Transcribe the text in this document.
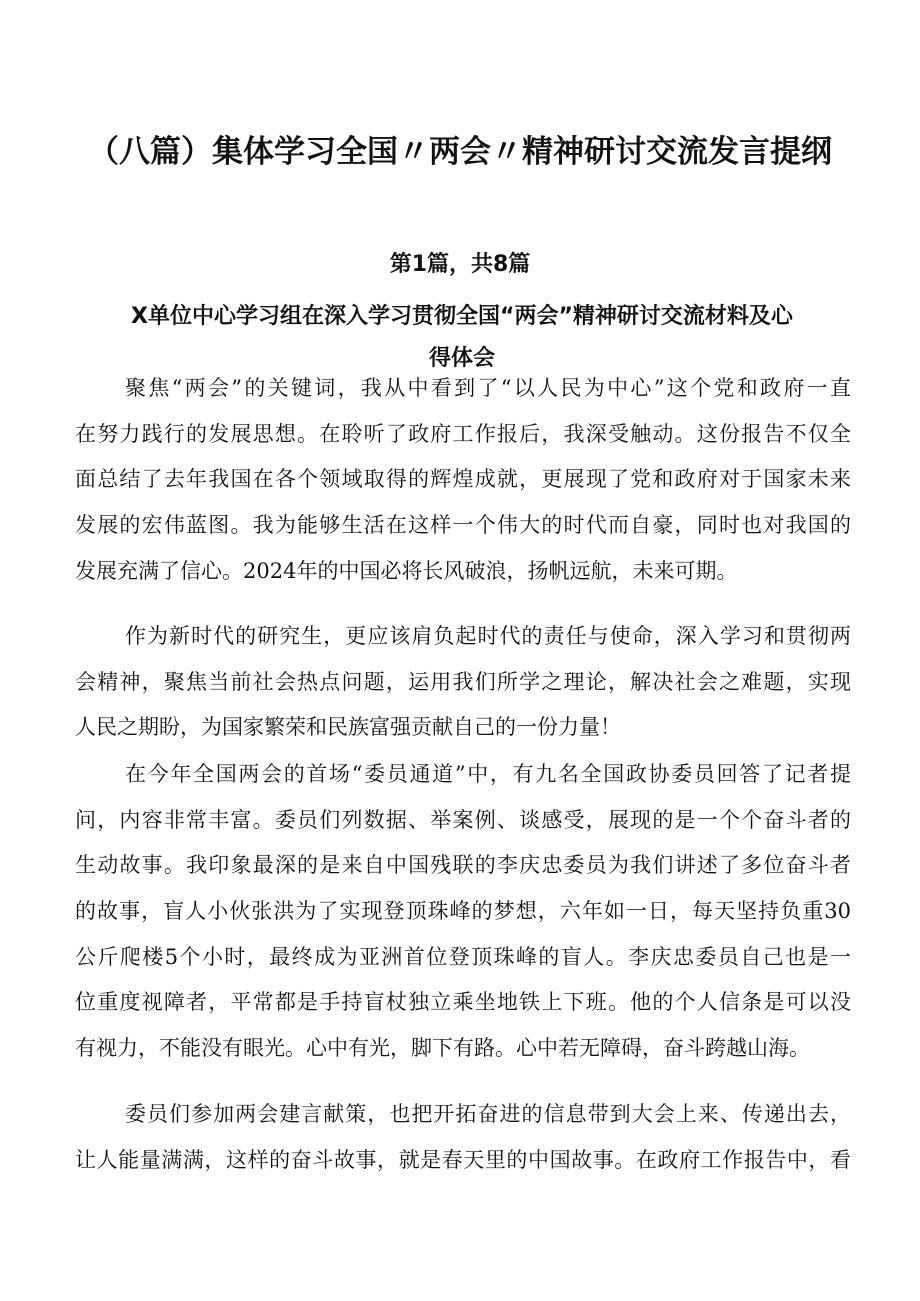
（八篇）集体学习全国〃两会〃精神研讨交流发言提纲
第1篇，共8篇
X单位中心学习组在深入学习贯彻全国“两会”精神研讨交流材料及心
得体会
聚焦“两会”的关键词，我从中看到了“以人民为中心”这个党和政府一直
在努力践行的发展思想。在聆听了政府工作报后，我深受触动。这份报告不仅全
面总结了去年我国在各个领域取得的辉煌成就，更展现了党和政府对于国家未来
发展的宏伟蓝图。我为能够生活在这样一个伟大的时代而自豪，同时也对我国的
发展充满了信心。2024年的中国必将长风破浪，扬帆远航，未来可期。
作为新时代的研究生，更应该肩负起时代的责任与使命，深入学习和贯彻两
会精神，聚焦当前社会热点问题，运用我们所学之理论，解决社会之难题，实现
人民之期盼，为国家繁荣和民族富强贡献自己的一份力量！
在今年全国两会的首场“委员通道”中，有九名全国政协委员回答了记者提
问，内容非常丰富。委员们列数据、举案例、谈感受，展现的是一个个奋斗者的
生动故事。我印象最深的是来自中国残联的李庆忠委员为我们讲述了多位奋斗者
的故事，盲人小伙张洪为了实现登顶珠峰的梦想，六年如一日，每天坚持负重30
公斤爬楼5个小时，最终成为亚洲首位登顶珠峰的盲人。李庆忠委员自己也是一
位重度视障者，平常都是手持盲杖独立乘坐地铁上下班。他的个人信条是可以没
有视力，不能没有眼光。心中有光，脚下有路。心中若无障碍，奋斗跨越山海。
委员们参加两会建言献策，也把开拓奋进的信息带到大会上来、传递出去，
让人能量满满，这样的奋斗故事，就是春天里的中国故事。在政府工作报告中，看
